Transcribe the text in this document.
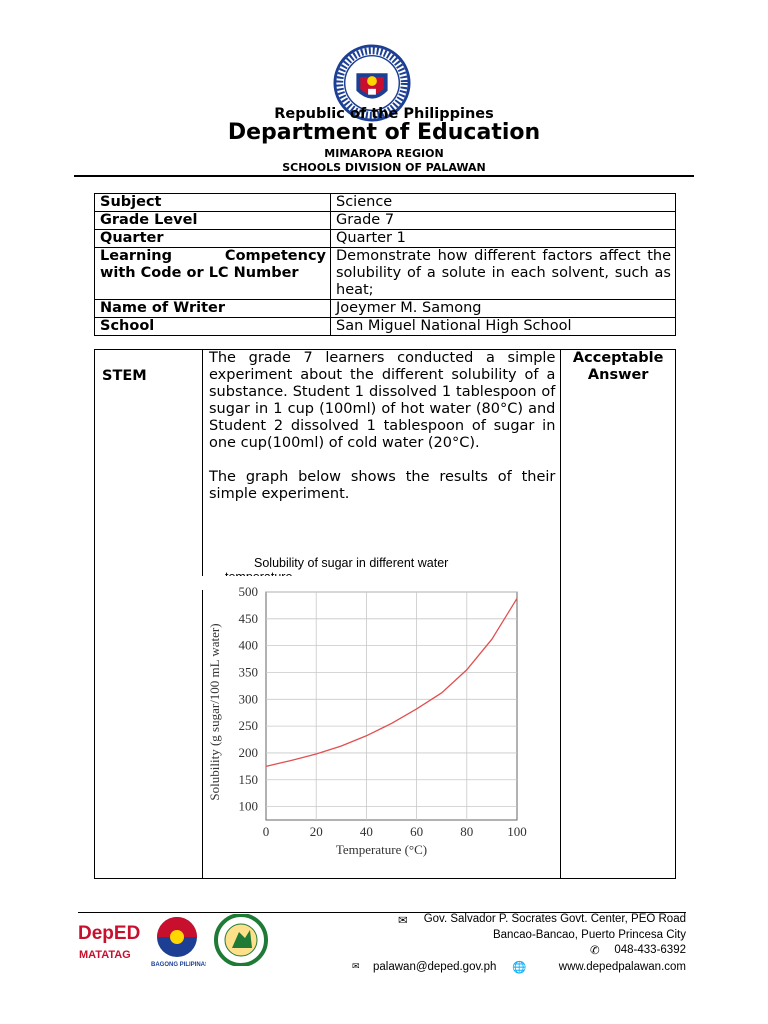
Republic of the Philippines
Department of Education
MIMAROPA REGION
SCHOOLS DIVISION OF PALAWAN
Subject	Science
Grade Level	Grade 7
Quarter	Quarter 1

Learning Competency
with Code or LC Number	Demonstrate how different factors affect the solubility of a solute in each solvent, such as heat;
Name of Writer	Joeymer M. Samong
School	San Miguel National High School
STEM	

The grade 7 learners conducted a simple experiment about the different solubility of a substance. Student 1 dissolved 1 tablespoon of sugar in 1 cup (100ml) of hot water (80°C) and Student 2 dissolved 1 tablespoon of sugar in one cup(100ml) of cold water (20°C).

The graph below shows the results of their simple experiment.

Acceptable
Answer
Solubility of sugar in different water
0	20	40	60	80	100
500
450
400
350
300
250
200
150
100
Temperature (°C)
Solubility (g sugar/100 mL water)
DepED
MATATAG
BAGONG PILIPINAS
✉ Gov. Salvador P. Socrates Govt. Center, PEO Road
Bancao-Bancao, Puerto Princesa City
✆ 048-433-6392
✉ palawan@deped.gov.ph 🌐	www.depedpalawan.com
